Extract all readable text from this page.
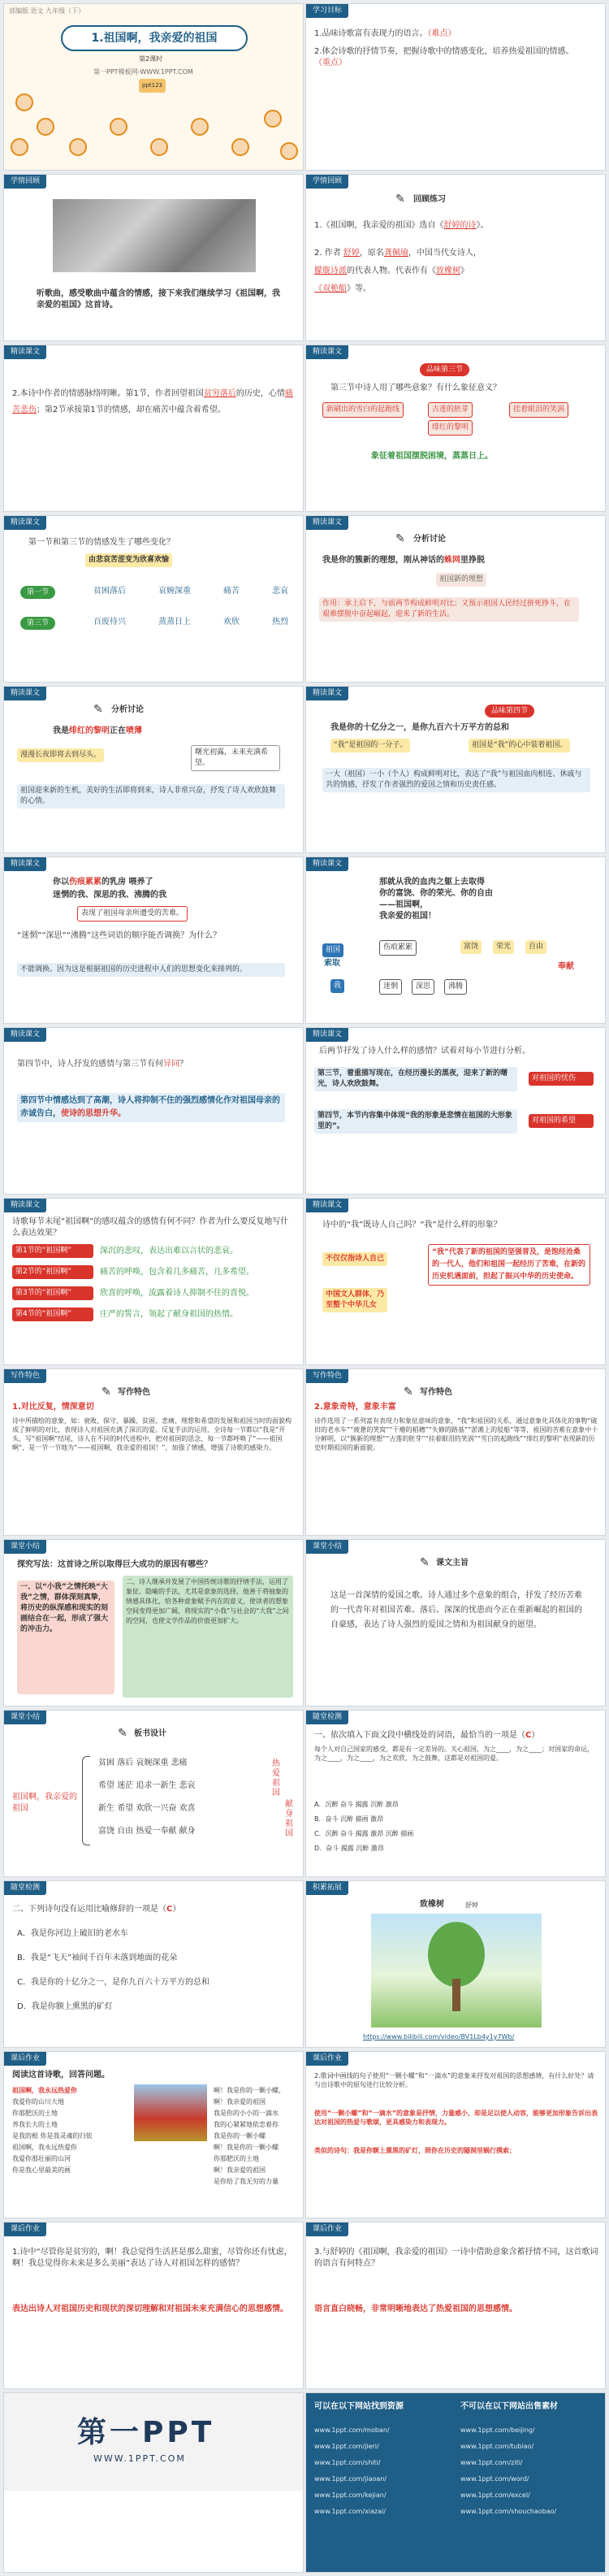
部编版 语文 九年级（下）
1.祖国啊，我亲爱的祖国
第2课时
第一PPT模板网-WWW.1PPT.COM
ppt123
学习目标
1.品味诗歌富有表现力的语言。（难点）
2.体会诗歌的抒情节奏，把握诗歌中的情感变化，培养热爱祖国的情感。（重点）
学情回顾
听歌曲，感受歌曲中蕴含的情感，接下来我们继续学习《祖国啊，我亲爱的祖国》这首诗。
学情回顾
✎ 回顾练习
1.《祖国啊，我亲爱的祖国》选自《舒婷的诗》。
2. 作者 舒婷，原名龚佩瑜，中国当代女诗人，
朦胧诗派的代表人物。代表作有《致橡树》
《双桅船》等。
精读课文
2.本诗中作者的情感脉络明晰。第1节，作者回望祖国贫穷落后的历史，心情痛苦悲伤；第2节承接第1节的情感，却在痛苦中蕴含着希望。
精读课文
品味第三节
第三节中诗人用了哪些意象？有什么象征意义？
新刷出的雪白的起跑线	古莲的胚芽	挂着眼泪的笑涡
绯红的黎明
象征着祖国摆脱困境，蒸蒸日上。
精读课文
第一节和第三节的情感发生了哪些变化？
由悲哀苦涩变为欣喜欢愉
第一节	贫困落后	哀婉深重	痛苦	悲哀
第三节	百废待兴	蒸蒸日上	欢欣	热烈
精读课文
✎ 分析讨论
我是你的簇新的理想，刚从神话的蛛网里挣脱
祖国新的理想
作用：承上启下，与前两节构成鲜明对比；又预示祖国人民经过拼死挣斗，在艰难摆脱中奋起崛起，迎来了新的生活。
精读课文
✎ 分析讨论
我是绯红的黎明正在喷薄
漫漫长夜即将去到尽头。	曙光初露，未来充满希望。
祖国迎来新的生机，美好的生活即将到来，诗人非常兴奋，抒发了诗人欢欣鼓舞的心情。
精读课文
品味第四节
我是你的十亿分之一，是你九百六十万平方的总和
“我”是祖国的一分子。	祖国是“我”的心中装着祖国。
一大（祖国）一小（个人）构成鲜明对比，表达了“我”与祖国血肉相连、休戚与共的情感，抒发了作者强烈的爱国之情和历史责任感。
精读课文
你以伤痕累累的乳房 喂养了
迷惘的我、深思的我、沸腾的我
表现了祖国母亲所遭受的苦难。
“迷惘”“深思”“沸腾”这些词语的顺序能否调换？为什么？
不能调换。因为这是根据祖国的历史进程中人们的思想变化来排列的。
精读课文
那就从我的血肉之躯上去取得
你的富饶、你的荣光、你的自由
——祖国啊，
我亲爱的祖国！
祖国
索取
伤痕累累	富饶	荣光	自由
我	迷惘	深思	沸腾
奉献
精读课文
第四节中，诗人抒发的感情与第三节有何异同？
第四节中情感达到了高潮，诗人将抑制不住的强烈感情化作对祖国母亲的赤诚告白，使诗的思想升华。
精读课文
后两节抒发了诗人什么样的感情？试着对每小节进行分析。
第三节，着重描写现在，在经历漫长的黑夜，迎来了新的曙光，诗人欢欣鼓舞。
第四节，本节内容集中体现“我的形象是悲情在祖国的大形象里的”。
对祖国的忧伤
对祖国的希望
精读课文
诗歌每节末尾“祖国啊”的感叹蕴含的感情有何不同？作者为什么要反复地写什么表达效果？
第1节的“祖国啊”	深沉的悲叹，表达出难以言状的悲哀。
第2节的“祖国啊”	痛苦的呼唤，包含着几多痛苦，几多希望。
第3节的“祖国啊”	欣喜的呼唤，流露着诗人抑制不住的喜悦。
第4节的“祖国啊”	庄严的誓言，领起了献身祖国的热情。
精读课文
诗中的“我”既诗人自己吗？“我”是什么样的形象？
不仅仅指诗人自己
中国文人群体，乃至整个中华儿女
“我”代表了新的祖国的坚强普及，是饱经沧桑的一代人，他们和祖国一起经历了苦难，在新的历史机遇面前，担起了振兴中华的历史使命。
写作特色
✎ 写作特色
1.对比反复，情深意切
诗中所描绘的意象，如：衰败、保守、暴躁、贫困、悲痛、理想和希望的发展和祖国当时的面貌构成了鲜明的对比，表现诗人对祖国充满了深沉的爱。反复手法的运用，全诗每一节都以“我是”开头，写“祖国啊”结尾，诗人在不同的时代进程中，把对祖国的思念，每一节都呼唤了“——祖国啊”，是一节一节地为“——祖国啊，我亲爱的祖国！”，加强了情感，增强了诗歌的感染力。
写作特色
✎ 写作特色
2.意象奇特，意象丰富
诗作选用了一系列富有表现力和象征意味的意象，“我”和祖国的关系，通过意象化具体化的事物“破旧的老水车”“疲惫的笑窝”“干瘪的稻穗”“失修的路基”“淤滩上的驳船”等等，祖国的苦难在意象中十分鲜明，以“簇新的理想”“古莲的胚芽”“挂着眼泪的笑涡”“雪白的起跑线”“绯红的黎明”表现新的历史时期祖国的新面貌。
课堂小结
探究写法：这首诗之所以取得巨大成功的原因有哪些？
一、以“小我”之情托映“大我”之情，群体深刻真挚，将历史的纵深感和现实的刻画结合在一起，形成了强大的冲击力。
二、诗人继承并发展了中国传统诗歌的抒情手法，运用了象征、隐喻的手法，尤其是意象的选择，他善于将抽象的情感具体化，给各种意象赋予内在的意义，使读者的想象空间变得更加广阔，将现实的“小我”与社会的“大我”之间的空间，也使文学作品的价值更加扩大。
课堂小结
✎ 课文主旨
这是一首深情的爱国之歌。诗人通过多个意象的组合，抒发了经历苦难的一代青年对祖国苦难、落后、深深的忧患而今正在重新崛起的祖国的自豪感，表达了诗人强烈的爱国之情和为祖国献身的愿望。
课堂小结
✎ 板书设计
祖国啊，我亲爱的祖国
贫困 落后 哀婉深重 悲痛
希望 迷茫 追求一新生 悲哀
新生 希望 欢欣一兴奋 欢喜
富饶 自由 热爱一奉献 献身
热爱祖国
献身祖国
随堂检测
一、依次填入下面文段中横线处的词语，最恰当的一项是（C）
每个人对自己国家的感受，都是有一定差异的。关心祖国，为之____，为之____；对国家的命运，为之____，为之____，为之欢欣，为之鼓舞，这都是对祖国的爱。
A．沉醉 奋斗 揭露 沉醉 激昂
B．奋斗 沉醉 描画 激昂
C．沉醉 奋斗 揭露 激昂 沉醉 描画
D．奋斗 揭露 沉醉 激昂
随堂检测
二、下列诗句没有运用比喻修辞的一项是（C）
A．我是你河边上破旧的老水车
B．我是“飞天”袖间千百年未落到地面的花朵
C．我是你的十亿分之一，是你九百六十万平方的总和
D．我是你额上熏黑的矿灯
积累拓展
致橡树	舒婷
https://www.bilibili.com/video/BV1Lb4y1y7Wb/
课后作业
阅读这首诗歌，回答问题。
祖国啊，我永远热爱你
我爱你的山川大地
你那肥沃的土地
养我长大的土地
是我的根 你是我灵魂的归依
祖国啊，我永远热爱你
我爱你那壮丽的山河
你是我心里最美的画
啊！我是你的一颗小螺，
啊！我亲爱的祖国
我是你的小小的一滴水
我的心紧紧地依恋着你
我是你的一颗小螺
啊！我是你的一颗小螺
你那肥沃的土地
啊！我亲爱的祖国
是你给了我无穷的力量
课后作业
2.歌词中画线的句子使用“一颗小螺”和“一滴水”的意象来抒发对祖国的思想感情，有什么好处？请与出诗歌中的原句进行比较分析。
使用“一颗小螺”和“一滴水”的意象是抒情，力量感小，却是足以使人动容，能够更加形象告诉出表达对祖国的热爱与歌颂，更具感染力和表现力。
类似的诗句：我是你额上熏黑的矿灯，照你在历史的隧洞里蜗行摸索；
课后作业
1.诗中“尽管你是贫穷的，啊！我总觉得生活甚是那么甜蜜，尽管你还有忧虑，啊！我总觉得你未来是多么美丽”表达了诗人对祖国怎样的感情？
表达出诗人对祖国历史和现状的深切理解和对祖国未来充满信心的思想感情。
课后作业
3.与舒婷的《祖国啊，我亲爱的祖国》一诗中借助意象含蓄抒情不同，这首歌词的语言有何特点？
语言直白晓畅，非常明晰地表达了热爱祖国的思想感情。
第一PPT
WWW.1PPT.COM
可以在以下网站找到资源	不可以在以下网站出售素材
www.1ppt.com/moban/
www.1ppt.com/jieri/
www.1ppt.com/shiti/
www.1ppt.com/jiaoan/
www.1ppt.com/kejian/
www.1ppt.com/xiazai/
www.1ppt.com/beijing/
www.1ppt.com/tubiao/
www.1ppt.com/ziti/
www.1ppt.com/word/
www.1ppt.com/excel/
www.1ppt.com/shouchaobao/
